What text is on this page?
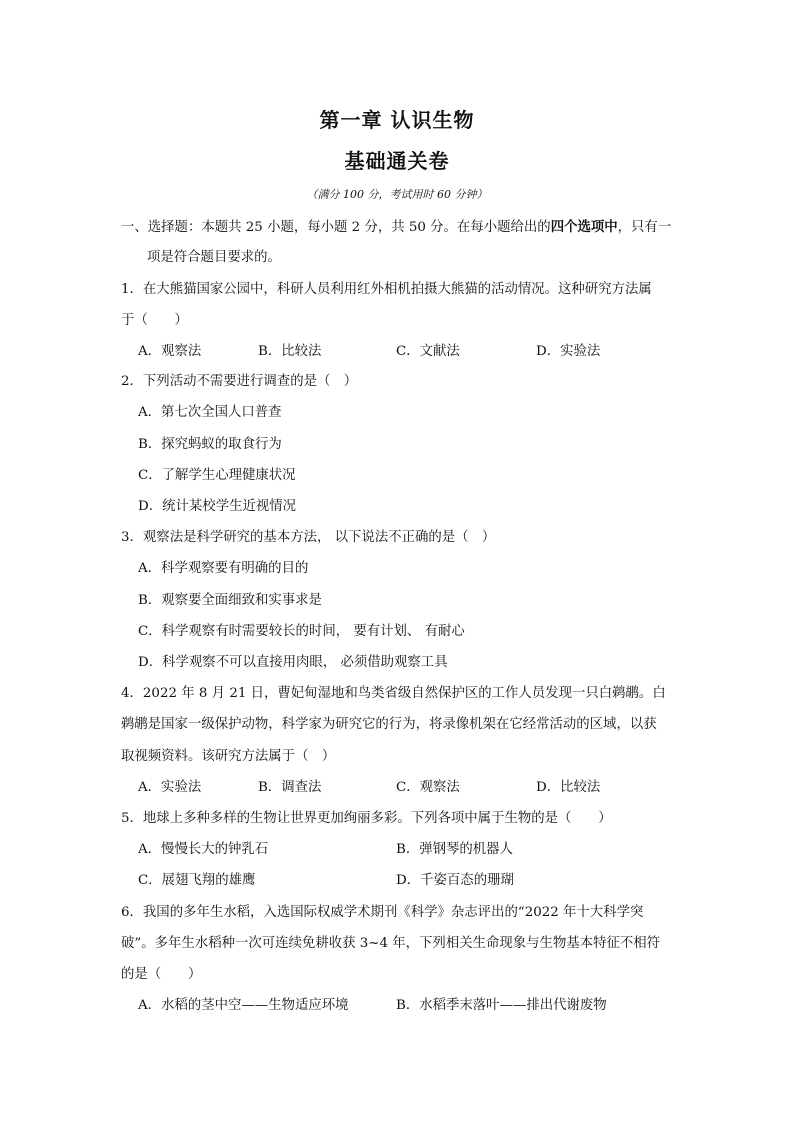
第一章 认识生物
基础通关卷
（满分 100 分，考试用时 60 分钟）
一、选择题：本题共 25 小题，每小题 2 分，共 50 分。在每小题给出的四个选项中，只有一
项是符合题目要求的。
1．在大熊猫国家公园中，科研人员利用红外相机拍摄大熊猫的活动情况。这种研究方法属
于（　　）
A．观察法	B．比较法	C．文献法	D．实验法
2．下列活动不需要进行调查的是（　）
A．第七次全国人口普查
B．探究蚂蚁的取食行为
C．了解学生心理健康状况
D．统计某校学生近视情况
3．观察法是科学研究的基本方法， 以下说法不正确的是（　）
A．科学观察要有明确的目的
B．观察要全面细致和实事求是
C．科学观察有时需要较长的时间， 要有计划、 有耐心
D．科学观察不可以直接用肉眼， 必须借助观察工具
4．2022 年 8 月 21 日，曹妃甸湿地和鸟类省级自然保护区的工作人员发现一只白鹈鹕。白
鹈鹕是国家一级保护动物，科学家为研究它的行为，将录像机架在它经常活动的区域，以获
取视频资料。该研究方法属于（　）
A．实验法	B．调查法	C．观察法	D．比较法
5．地球上多种多样的生物让世界更加绚丽多彩。下列各项中属于生物的是（　　）
A．慢慢长大的钟乳石	B．弹钢琴的机器人
C．展翅飞翔的雄鹰	D．千姿百态的珊瑚
6．我国的多年生水稻，入选国际权威学术期刊《科学》杂志评出的“2022 年十大科学突
破”。多年生水稻种一次可连续免耕收获 3~4 年，下列相关生命现象与生物基本特征不相符
的是（　　）
A．水稻的茎中空——生物适应环境	B．水稻季末落叶——排出代谢废物
